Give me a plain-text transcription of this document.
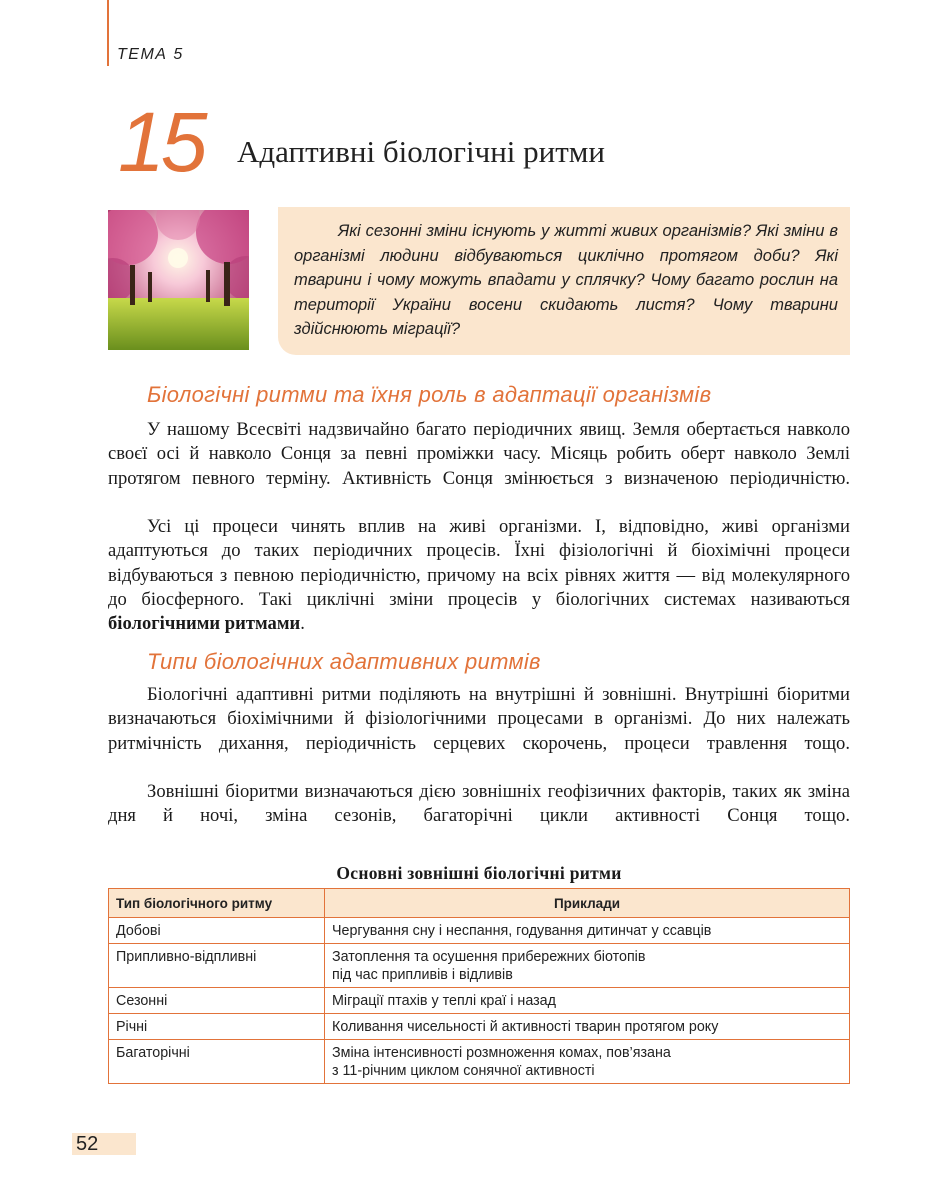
ТЕМА 5
15 Адаптивні біологічні ритми
Які сезонні зміни існують у житті живих організмів? Які зміни в організмі людини відбуваються циклічно протягом доби? Які тварини і чому можуть впадати у сплячку? Чому багато рослин на території України восени скидають листя? Чому тварини здійснюють міграції?
Біологічні ритми та їхня роль в адаптації організмів
У нашому Всесвіті надзвичайно багато періодичних явищ. Земля обертається навколо своєї осі й навколо Сонця за певні проміжки часу. Місяць робить оберт навколо Землі протягом певного терміну. Активність Сонця змінюється з визначеною періодичністю.
Усі ці процеси чинять вплив на живі організми. І, відповідно, живі організми адаптуються до таких періодичних процесів. Їхні фізіологічні й біохімічні процеси відбуваються з певною періодичністю, причому на всіх рівнях життя — від молекулярного до біосферного. Такі циклічні зміни процесів у біологічних системах називаються біологічними ритмами.
Типи біологічних адаптивних ритмів
Біологічні адаптивні ритми поділяють на внутрішні й зовнішні. Внутрішні біоритми визначаються біохімічними й фізіологічними процесами в організмі. До них належать ритмічність дихання, періодичність серцевих скорочень, процеси травлення тощо.
Зовнішні біоритми визначаються дією зовнішніх геофізичних факторів, таких як зміна дня й ночі, зміна сезонів, багаторічні цикли активності Сонця тощо.
Основні зовнішні біологічні ритми
Тип біологічного ритму	Приклади
Добові	Чергування сну і неспання, годування дитинчат у ссавців
Припливно-відпливні	Затоплення та осушення прибережних біотопів
під час припливів і відливів
Сезонні	Міграції птахів у теплі краї і назад
Річні	Коливання чисельності й активності тварин протягом року
Багаторічні	Зміна інтенсивності розмноження комах, пов’язана
з 11-річним циклом сонячної активності
52
